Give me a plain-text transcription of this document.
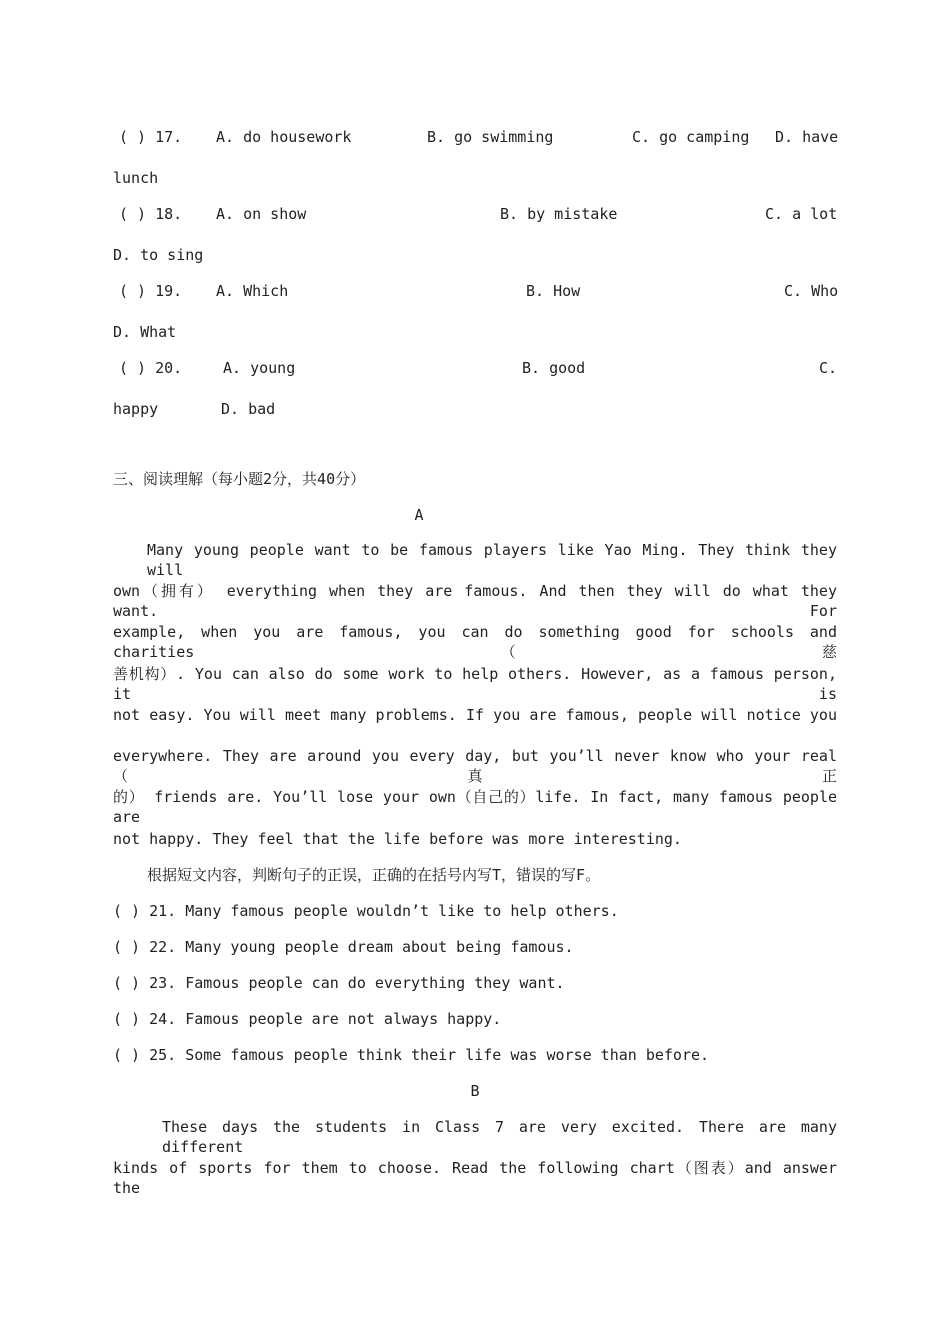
( ) 17. A. do housework	B. go swimming	C. go camping D. have
lunch
( ) 18. A. on show	B. by mistake	C. a lot
D. to sing
( ) 19. A. Which	B. How	C. Who
D. What
( ) 20.	A. young	B. good	C.
happy	D. bad
三、阅读理解（每小题2分，共40分）
A
Many young people want to be famous players like Yao Ming. They think they will
own（拥有） everything when they are famous. And then they will do what they want. For
example, when you are famous, you can do something good for schools and charities（慈
善机构）. You can also do some work to help others. However, as a famous person, it is
not easy. You will meet many problems. If you are famous, people will notice you
everywhere. They are around you every day, but you’ll never know who your real （真正
的） friends are. You’ll lose your own（自己的）life. In fact, many famous people are
not happy. They feel that the life before was more interesting.
根据短文内容，判断句子的正误，正确的在括号内写T，错误的写F。
( ) 21. Many famous people wouldn’t like to help others.
( ) 22. Many young people dream about being famous.
( ) 23. Famous people can do everything they want.
( ) 24. Famous people are not always happy.
( ) 25. Some famous people think their life was worse than before.
B
These days the students in Class 7 are very excited. There are many different
kinds of sports for them to choose. Read the following chart（图表）and answer the
